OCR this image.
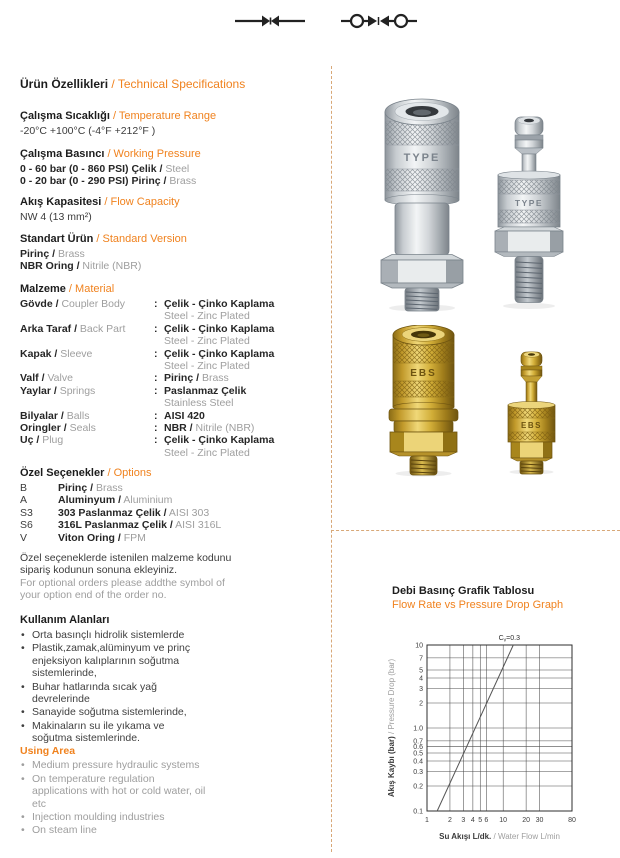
Ürün Özellikleri / Technical Specifications
Çalışma Sıcaklığı / Temperature Range
-20°C +100°C (-4°F +212°F )
Çalışma Basıncı / Working Pressure
0 - 60 bar (0 - 860 PSI) Çelik / Steel
0 - 20 bar (0 - 290 PSI) Pirinç / Brass
Akış Kapasitesi / Flow Capacity
NW 4 (13 mm²)
Standart Ürün / Standard Version
Pirinç / Brass
NBR Oring / Nitrile (NBR)
Malzeme / Material
Gövde / Coupler Body	: Çelik - Çinko Kaplama
Steel - Zinc Plated
Arka Taraf / Back Part	: Çelik - Çinko Kaplama
Steel - Zinc Plated
Kapak / Sleeve	: Çelik - Çinko Kaplama
Steel - Zinc Plated
Valf / Valve	: Pirinç / Brass
Yaylar / Springs	: Paslanmaz Çelik
Stainless Steel
Bilyalar / Balls	: AISI 420
Oringler / Seals	: NBR / Nitrile (NBR)
Uç / Plug	: Çelik - Çinko Kaplama
Steel - Zinc Plated
Özel Seçenekler / Options
B	Pirinç / Brass
A	Aluminyum / Aluminium
S3	303 Paslanmaz Çelik / AISI 303
S6	316L Paslanmaz Çelik / AISI 316L
V	Viton Oring / FPM
Özel seçeneklerde istenilen malzeme kodunu sipariş kodunun sonuna ekleyiniz.
For optional orders please addthe symbol of your option end of the order no.
Kullanım Alanları
• Orta basınçlı hidrolik sistemlerde
• Plastik,zamak,alüminyum ve prinç enjeksiyon kalıplarının soğutma sistemlerinde,
• Buhar hatlarında sıcak yağ devrelerinde
• Sanayide soğutma sistemlerinde,
• Makinaların su ile yıkama ve soğutma sistemlerinde.
Using Area
• Medium pressure hydraulic systems
• On temperature regulation applications with hot or cold water, oil etc
• Injection moulding industries
• On steam line
TYPE
TYPE
EBS
EBS
Debi Basınç Grafik Tablosu
Flow Rate vs Pressure Drop Graph
1	2 3 4 5 6 10 20 30	80
10
7
5
4
3
2
1.0
0.7
0.6
0.5
0.4
0.3
0.2
0.1
$C_v=0.3$
Su Akışı L/dk. / Water Flow L/min
Akış Kaybı (bar) / Pressure Drop (bar)
